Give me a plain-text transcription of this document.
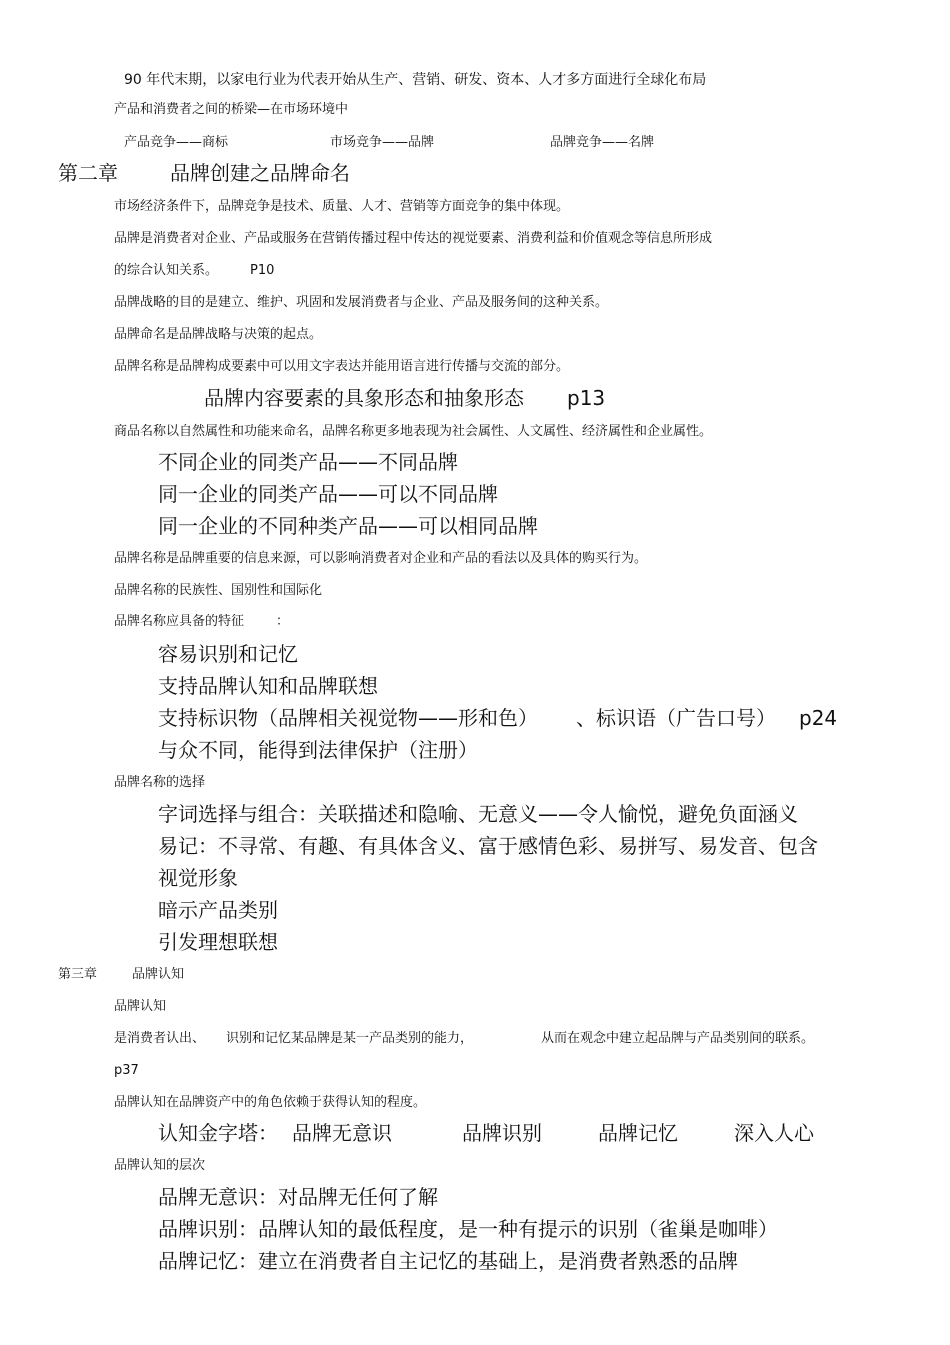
90 年代末期，以家电行业为代表开始从生产、营销、研发、资本、人才多方面进行全球化布局
产品和消费者之间的桥梁—在市场环境中
产品竞争——商标	市场竞争——品牌	品牌竞争——名牌
第二章	品牌创建之品牌命名
市场经济条件下，品牌竞争是技术、质量、人才、营销等方面竞争的集中体现。
品牌是消费者对企业、产品或服务在营销传播过程中传达的视觉要素、消费利益和价值观念等信息所形成
的综合认知关系。 P10
品牌战略的目的是建立、维护、巩固和发展消费者与企业、产品及服务间的这种关系。
品牌命名是品牌战略与决策的起点。
品牌名称是品牌构成要素中可以用文字表达并能用语言进行传播与交流的部分。
品牌内容要素的具象形态和抽象形态 p13
商品名称以自然属性和功能来命名，品牌名称更多地表现为社会属性、人文属性、经济属性和企业属性。
不同企业的同类产品——不同品牌
同一企业的同类产品——可以不同品牌
同一企业的不同种类产品——可以相同品牌
品牌名称是品牌重要的信息来源，可以影响消费者对企业和产品的看法以及具体的购买行为。
品牌名称的民族性、国别性和国际化
品牌名称应具备的特征 ：
容易识别和记忆
支持品牌认知和品牌联想
支持标识物（品牌相关视觉物——形和色） 、标识语（广告口号） p24
与众不同，能得到法律保护（注册）
品牌名称的选择
字词选择与组合：关联描述和隐喻、无意义——令人愉悦，避免负面涵义
易记：不寻常、有趣、有具体含义、富于感情色彩、易拼写、易发音、包含
视觉形象
暗示产品类别
引发理想联想
第三章	品牌认知
品牌认知
是消费者认出、 识别和记忆某品牌是某一产品类别的能力，	从而在观念中建立起品牌与产品类别间的联系。
p37
品牌认知在品牌资产中的角色依赖于获得认知的程度。
认知金字塔： 品牌无意识	品牌识别	品牌记忆	深入人心
品牌认知的层次
品牌无意识：对品牌无任何了解
品牌识别：品牌认知的最低程度，是一种有提示的识别（雀巢是咖啡）
品牌记忆：建立在消费者自主记忆的基础上，是消费者熟悉的品牌
